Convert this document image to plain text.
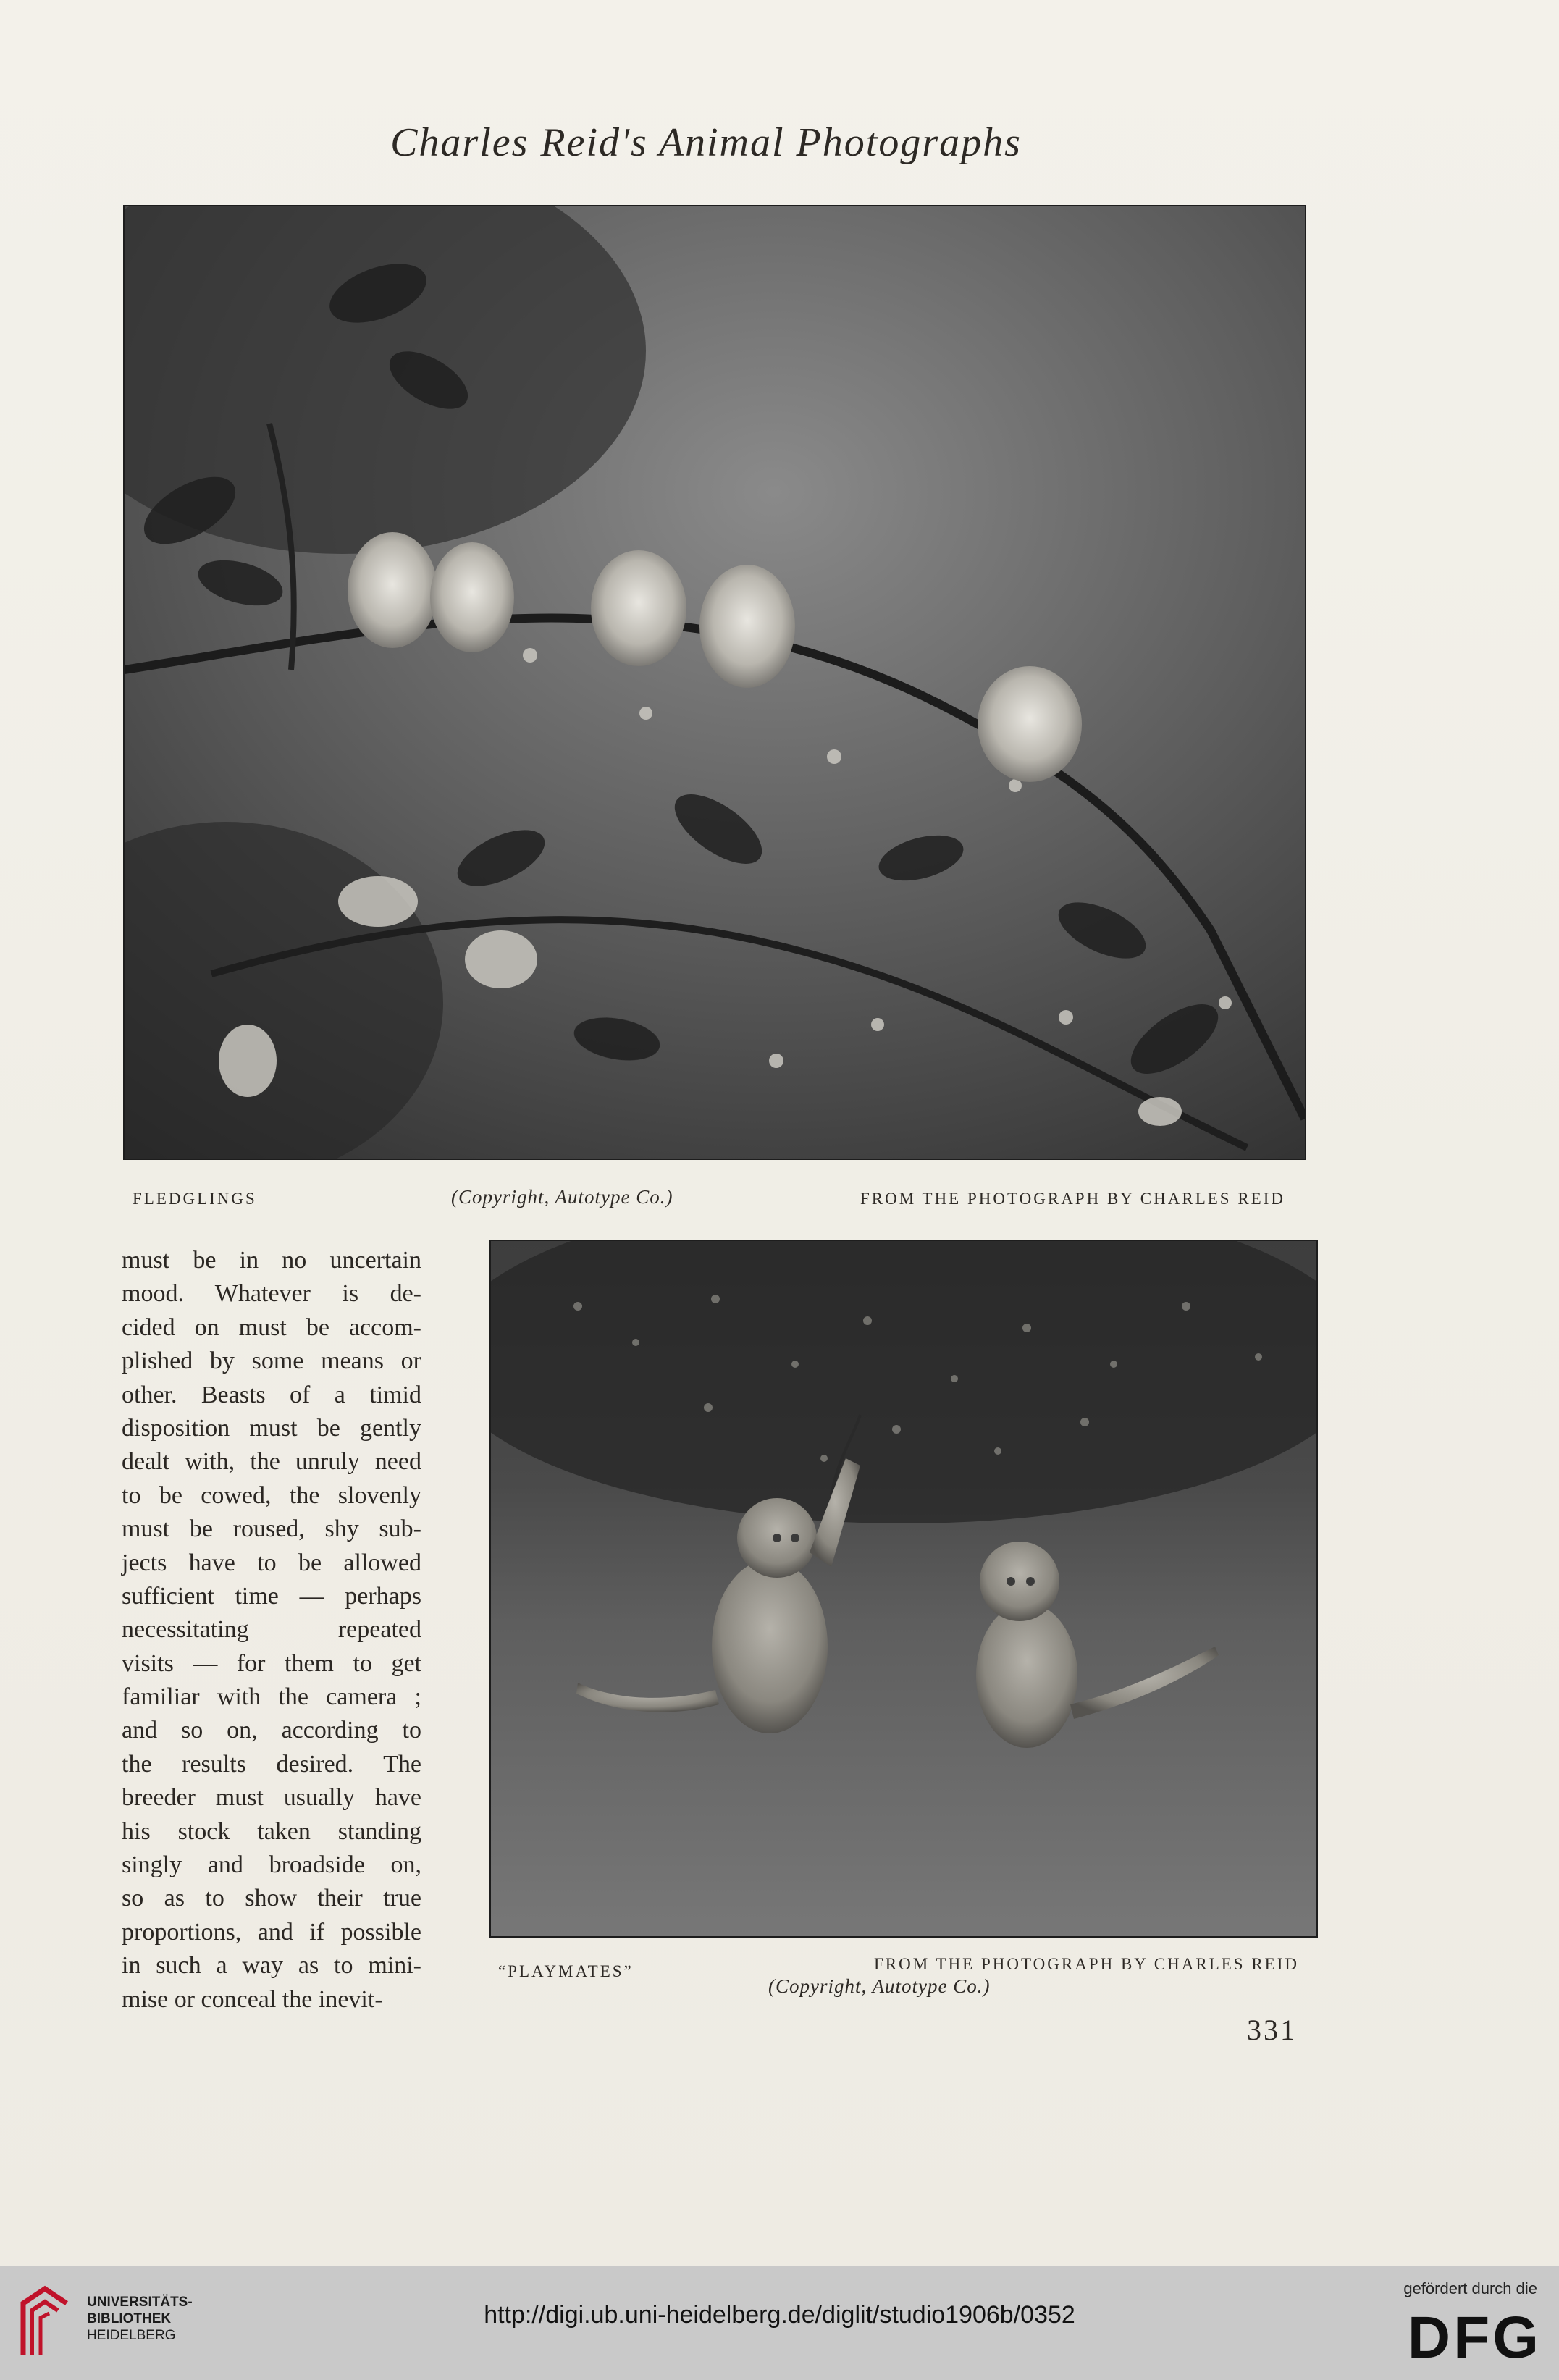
Charles Reid's Animal Photographs
FLEDGLINGS	(Copyright, Autotype Co.)	FROM THE PHOTOGRAPH BY CHARLES REID
must be in no uncertain
mood. Whatever is de-
cided on must be accom-
plished by some means or
other. Beasts of a timid
disposition must be gently
dealt with, the unruly need
to be cowed, the slovenly
must be roused, shy sub-
jects have to be allowed
sufficient time — perhaps
necessitating repeated
visits — for them to get
familiar with the camera ;
and so on, according to
the results desired. The
breeder must usually have
his stock taken standing
singly and broadside on,
so as to show their true
proportions, and if possible
in such a way as to mini-
mise or conceal the inevit-
“PLAYMATES”	FROM THE PHOTOGRAPH BY CHARLES REID
(Copyright, Autotype Co.)
331
UNIVERSITÄTS-
BIBLIOTHEK
HEIDELBERG
http://digi.ub.uni-heidelberg.de/diglit/studio1906b/0352
gefördert durch die
DFG
